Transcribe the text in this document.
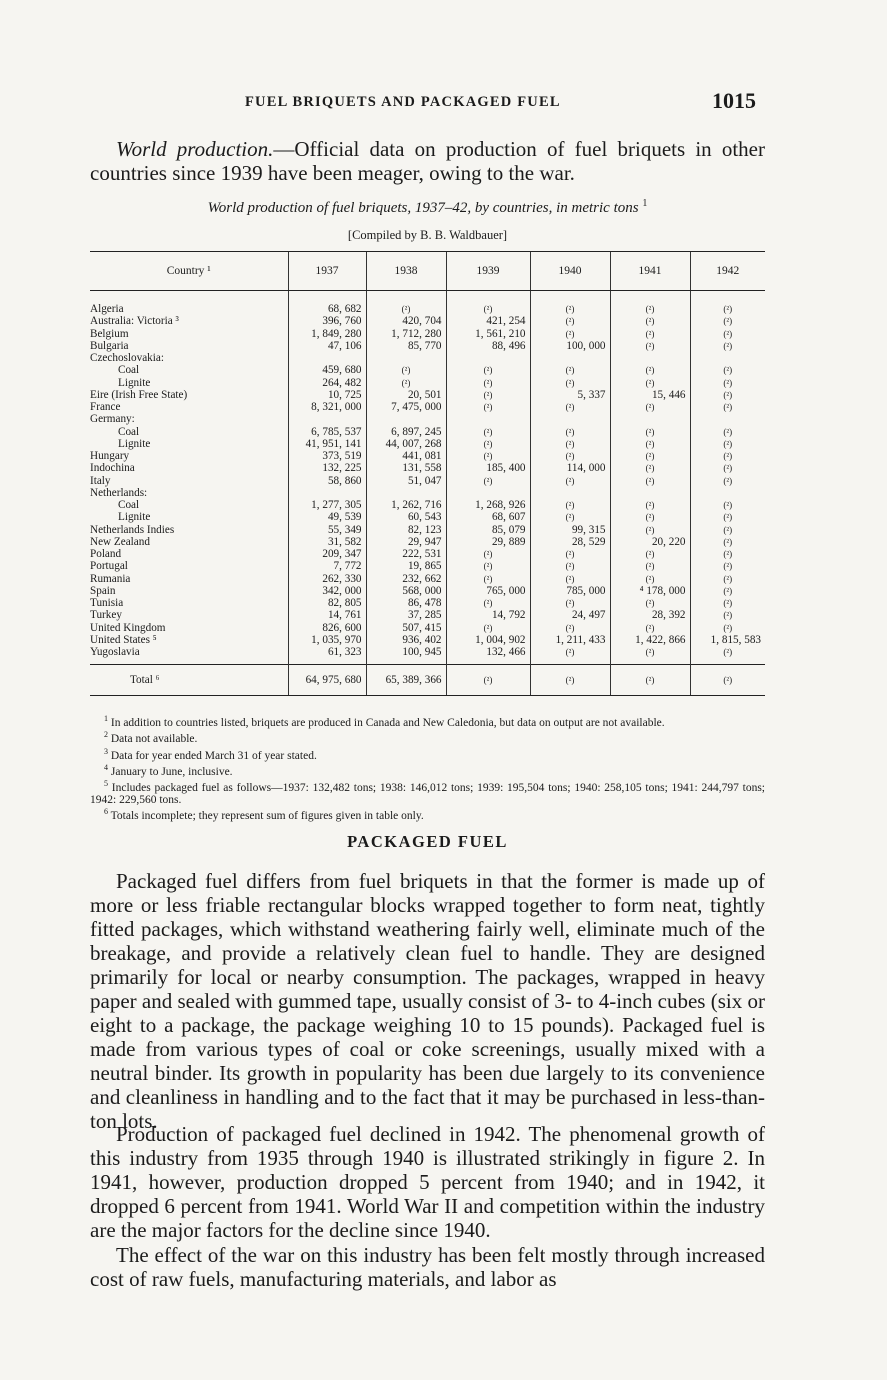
FUEL BRIQUETS AND PACKAGED FUEL	1015

World production.—Official data on production of fuel briquets in other countries since 1939 have been meager, owing to the war.

World production of fuel briquets, 1937–42, by countries, in metric tons $^1$
[Compiled by B. B. Waldbauer]
Country ¹	1937	1938	1939	1940	1941	1942
Algeria	68, 682	(²)	(²)	(²)	(²)	(²)
Australia: Victoria ³	396, 760	420, 704	421, 254	(²)	(²)	(²)
Belgium	1, 849, 280	1, 712, 280	1, 561, 210	(²)	(²)	(²)
Bulgaria	47, 106	85, 770	88, 496	100, 000	(²)	(²)
Czechoslovakia:						
Coal	459, 680	(²)	(²)	(²)	(²)	(²)
Lignite	264, 482	(²)	(²)	(²)	(²)	(²)
Eire (Irish Free State)	10, 725	20, 501	(²)	5, 337	15, 446	(²)
France	8, 321, 000	7, 475, 000	(²)	(²)	(²)	(²)
Germany:						
Coal	6, 785, 537	6, 897, 245	(²)	(²)	(²)	(²)
Lignite	41, 951, 141	44, 007, 268	(²)	(²)	(²)	(²)
Hungary	373, 519	441, 081	(²)	(²)	(²)	(²)
Indochina	132, 225	131, 558	185, 400	114, 000	(²)	(²)
Italy	58, 860	51, 047	(²)	(²)	(²)	(²)
Netherlands:						
Coal	1, 277, 305	1, 262, 716	1, 268, 926	(²)	(²)	(²)
Lignite	49, 539	60, 543	68, 607	(²)	(²)	(²)
Netherlands Indies	55, 349	82, 123	85, 079	99, 315	(²)	(²)
New Zealand	31, 582	29, 947	29, 889	28, 529	20, 220	(²)
Poland	209, 347	222, 531	(²)	(²)	(²)	(²)
Portugal	7, 772	19, 865	(²)	(²)	(²)	(²)
Rumania	262, 330	232, 662	(²)	(²)	(²)	(²)
Spain	342, 000	568, 000	765, 000	785, 000	⁴ 178, 000	(²)
Tunisia	82, 805	86, 478	(²)	(²)	(²)	(²)
Turkey	14, 761	37, 285	14, 792	24, 497	28, 392	(²)
United Kingdom	826, 600	507, 415	(²)	(²)	(²)	(²)
United States ⁵	1, 035, 970	936, 402	1, 004, 902	1, 211, 433	1, 422, 866	1, 815, 583
Yugoslavia	61, 323	100, 945	132, 466	(²)	(²)	(²)
Total ⁶	64, 975, 680	65, 389, 366	(²)	(²)	(²)	(²)
$^1$ In addition to countries listed, briquets are produced in Canada and New Caledonia, but data on output are not available.
$^2$ Data not available.
$^3$ Data for year ended March 31 of year stated.
$^4$ January to June, inclusive.
$^5$ Includes packaged fuel as follows—1937: 132,482 tons; 1938: 146,012 tons; 1939: 195,504 tons; 1940: 258,105 tons; 1941: 244,797 tons; 1942: 229,560 tons.
$^6$ Totals incomplete; they represent sum of figures given in table only.
PACKAGED FUEL

Packaged fuel differs from fuel briquets in that the former is made up of more or less friable rectangular blocks wrapped together to form neat, tightly fitted packages, which withstand weathering fairly well, eliminate much of the breakage, and provide a relatively clean fuel to handle. They are designed primarily for local or nearby consumption. The packages, wrapped in heavy paper and sealed with gummed tape, usually consist of 3- to 4-inch cubes (six or eight to a package, the package weighing 10 to 15 pounds). Packaged fuel is made from various types of coal or coke screenings, usually mixed with a neutral binder. Its growth in popularity has been due largely to its convenience and cleanliness in handling and to the fact that it may be purchased in less-than-ton lots.

Production of packaged fuel declined in 1942. The phenomenal growth of this industry from 1935 through 1940 is illustrated strikingly in figure 2. In 1941, however, production dropped 5 percent from 1940; and in 1942, it dropped 6 percent from 1941. World War II and competition within the industry are the major factors for the decline since 1940.

The effect of the war on this industry has been felt mostly through increased cost of raw fuels, manufacturing materials, and labor as
